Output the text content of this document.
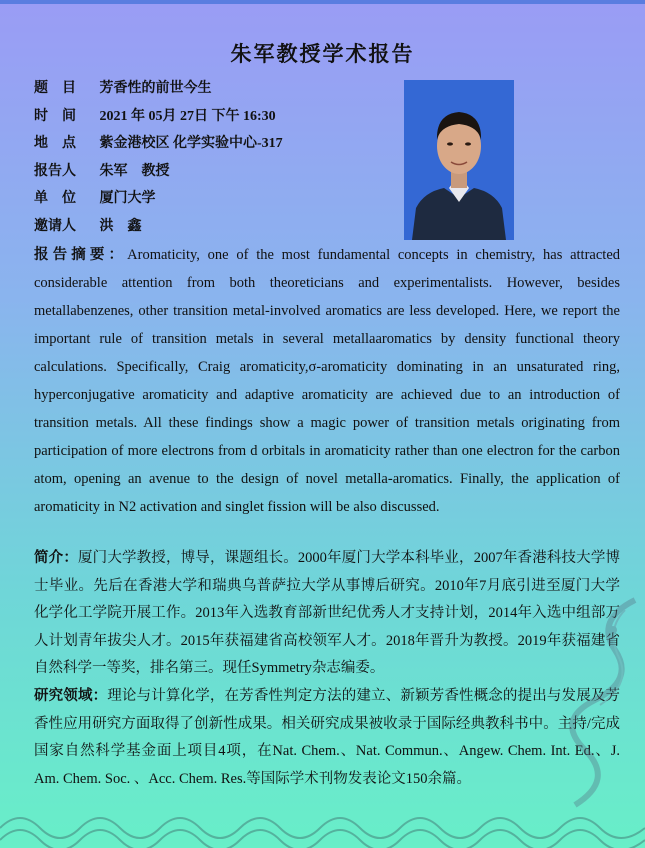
朱军教授学术报告
题　目 芳香性的前世今生
时　间 2021 年 05月 27日 下午 16:30
地　点 紫金港校区 化学实验中心-317
报告人 朱军　教授
单　位 厦门大学
邀请人 洪　鑫
报告摘要：Aromaticity, one of the most fundamental concepts in chemistry, has attracted considerable attention from both theoreticians and experimentalists. However, besides metallabenzenes, other transition metal-involved aromatics are less developed. Here, we report the important rule of transition metals in several metallaaromatics by density functional theory calculations. Specifically, Craig aromaticity,σ-aromaticity dominating in an unsaturated ring, hyperconjugative aromaticity and adaptive aromaticity are achieved due to an introduction of transition metals. All these findings show a magic power of transition metals originating from participation of more electrons from d orbitals in aromaticity rather than one electron for the carbon atom, opening an avenue to the design of novel metalla-aromatics. Finally, the application of aromaticity in N2 activation and singlet fission will be also discussed.
简介：厦门大学教授，博导，课题组长。2000年厦门大学本科毕业，2007年香港科技大学博士毕业。先后在香港大学和瑞典乌普萨拉大学从事博后研究。2010年7月底引进至厦门大学化学化工学院开展工作。2013年入选教育部新世纪优秀人才支持计划，2014年入选中组部万人计划青年拔尖人才。2015年获福建省高校领军人才。2018年晋升为教授。2019年获福建省自然科学一等奖，排名第三。现任Symmetry杂志编委。
研究领域：理论与计算化学，在芳香性判定方法的建立、新颖芳香性概念的提出与发展及芳香性应用研究方面取得了创新性成果。相关研究成果被收录于国际经典教科书中。主持/完成国家自然科学基金面上项目4项，在Nat. Chem.、Nat. Commun.、Angew. Chem. Int. Ed.、J. Am. Chem. Soc. 、Acc. Chem. Res.等国际学术刊物发表论文150余篇。
